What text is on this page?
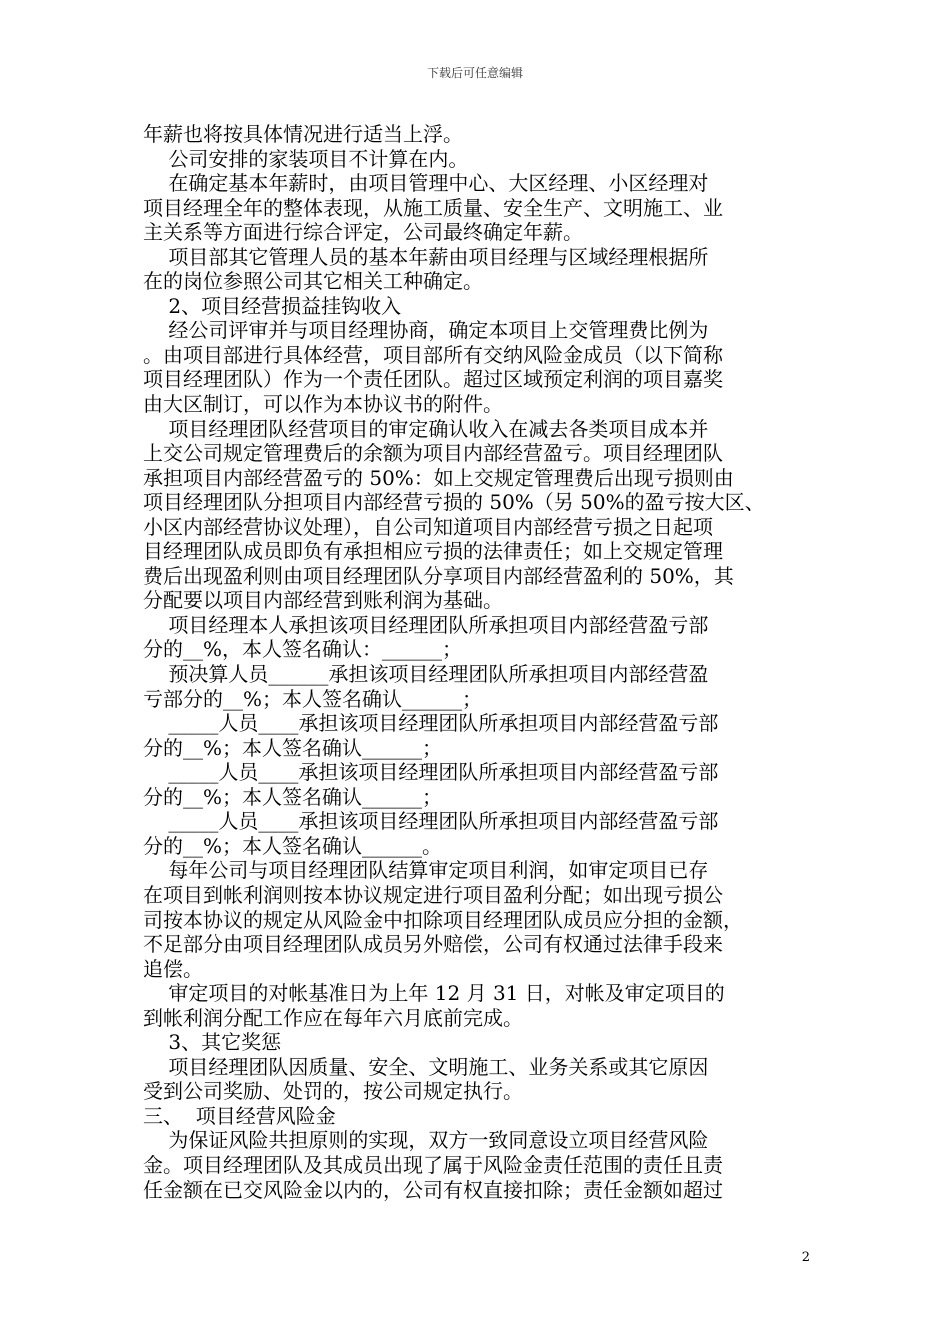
下载后可任意编辑

年薪也将按具体情况进行适当上浮。

公司安排的家装项目不计算在内。

在确定基本年薪时，由项目管理中心、大区经理、小区经理对

项目经理全年的整体表现，从施工质量、安全生产、文明施工、业

主关系等方面进行综合评定，公司最终确定年薪。

项目部其它管理人员的基本年薪由项目经理与区域经理根据所

在的岗位参照公司其它相关工种确定。

2、项目经营损益挂钩收入

经公司评审并与项目经理协商，确定本项目上交管理费比例为

。由项目部进行具体经营，项目部所有交纳风险金成员（以下简称

项目经理团队）作为一个责任团队。超过区域预定利润的项目嘉奖

由大区制订，可以作为本协议书的附件。

项目经理团队经营项目的审定确认收入在减去各类项目成本并

上交公司规定管理费后的余额为项目内部经营盈亏。项目经理团队

承担项目内部经营盈亏的 50%：如上交规定管理费后出现亏损则由

项目经理团队分担项目内部经营亏损的 50%（另 50%的盈亏按大区、

小区内部经营协议处理），自公司知道项目内部经营亏损之日起项

目经理团队成员即负有承担相应亏损的法律责任；如上交规定管理

费后出现盈利则由项目经理团队分享项目内部经营盈利的 50%，其

分配要以项目内部经营到账利润为基础。

项目经理本人承担该项目经理团队所承担项目内部经营盈亏部

分的__%，本人签名确认：______；

预决算人员______承担该项目经理团队所承担项目内部经营盈

亏部分的__%；本人签名确认______；

_____人员____承担该项目经理团队所承担项目内部经营盈亏部

分的__%；本人签名确认______；

_____人员____承担该项目经理团队所承担项目内部经营盈亏部

分的__%；本人签名确认______；

_____人员____承担该项目经理团队所承担项目内部经营盈亏部

分的__%；本人签名确认______。

每年公司与项目经理团队结算审定项目利润，如审定项目已存

在项目到帐利润则按本协议规定进行项目盈利分配；如出现亏损公

司按本协议的规定从风险金中扣除项目经理团队成员应分担的金额，

不足部分由项目经理团队成员另外赔偿，公司有权通过法律手段来

追偿。

审定项目的对帐基准日为上年 12 月 31 日，对帐及审定项目的

到帐利润分配工作应在每年六月底前完成。

3、其它奖惩

项目经理团队因质量、安全、文明施工、业务关系或其它原因

受到公司奖励、处罚的，按公司规定执行。

三、  项目经营风险金

为保证风险共担原则的实现，双方一致同意设立项目经营风险

金。项目经理团队及其成员出现了属于风险金责任范围的责任且责

任金额在已交风险金以内的，公司有权直接扣除；责任金额如超过

2
